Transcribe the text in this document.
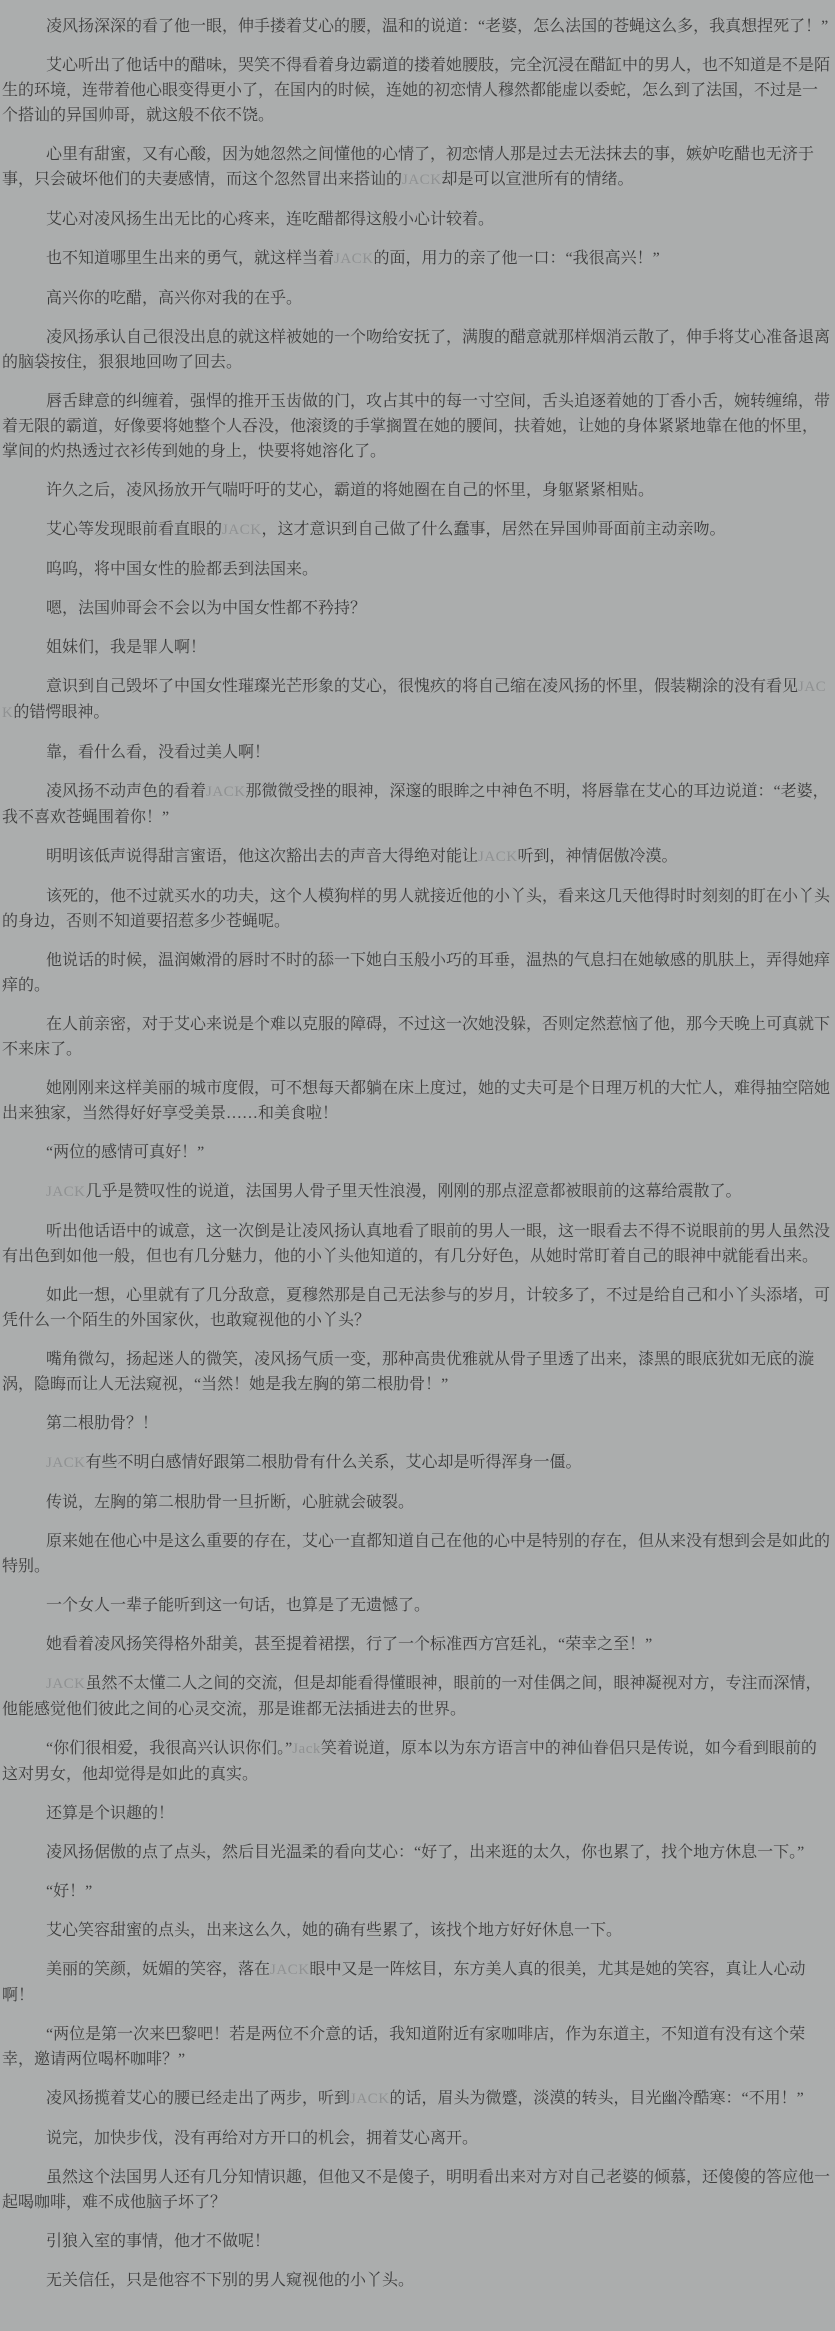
凌风扬深深的看了他一眼，伸手搂着艾心的腰，温和的说道：“老婆，怎么法国的苍蝇这么多，我真想捏死了！”

艾心听出了他话中的醋味，哭笑不得看着身边霸道的搂着她腰肢，完全沉浸在醋缸中的男人，也不知道是不是陌生的环境，连带着他心眼变得更小了，在国内的时候，连她的初恋情人穆然都能虚以委蛇，怎么到了法国，不过是一个搭讪的异国帅哥，就这般不依不饶。

心里有甜蜜，又有心酸，因为她忽然之间懂他的心情了，初恋情人那是过去无法抹去的事，嫉妒吃醋也无济于事，只会破坏他们的夫妻感情，而这个忽然冒出来搭讪的JACK却是可以宣泄所有的情绪。

艾心对凌风扬生出无比的心疼来，连吃醋都得这般小心计较着。

也不知道哪里生出来的勇气，就这样当着JACK的面，用力的亲了他一口：“我很高兴！”

高兴你的吃醋，高兴你对我的在乎。

凌风扬承认自己很没出息的就这样被她的一个吻给安抚了，满腹的醋意就那样烟消云散了，伸手将艾心准备退离的脑袋按住，狠狠地回吻了回去。

唇舌肆意的纠缠着，强悍的推开玉齿做的门，攻占其中的每一寸空间，舌头追逐着她的丁香小舌，婉转缠绵，带着无限的霸道，好像要将她整个人吞没，他滚烫的手掌搁置在她的腰间，扶着她，让她的身体紧紧地靠在他的怀里，掌间的灼热透过衣衫传到她的身上，快要将她溶化了。

许久之后，凌风扬放开气喘吁吁的艾心，霸道的将她圈在自己的怀里，身躯紧紧相贴。

艾心等发现眼前看直眼的JACK，这才意识到自己做了什么蠢事，居然在异国帅哥面前主动亲吻。

呜呜，将中国女性的脸都丢到法国来。

嗯，法国帅哥会不会以为中国女性都不矜持？

姐妹们，我是罪人啊！

意识到自己毁坏了中国女性璀璨光芒形象的艾心，很愧疚的将自己缩在凌风扬的怀里，假装糊涂的没有看见JACK的错愕眼神。

靠，看什么看，没看过美人啊！

凌风扬不动声色的看着JACK那微微受挫的眼神，深邃的眼眸之中神色不明，将唇靠在艾心的耳边说道：“老婆，我不喜欢苍蝇围着你！”

明明该低声说得甜言蜜语，他这次豁出去的声音大得绝对能让JACK听到，神情倨傲冷漠。

该死的，他不过就买水的功夫，这个人模狗样的男人就接近他的小丫头，看来这几天他得时时刻刻的盯在小丫头的身边，否则不知道要招惹多少苍蝇呢。

他说话的时候，温润嫩滑的唇时不时的舔一下她白玉般小巧的耳垂，温热的气息扫在她敏感的肌肤上，弄得她痒痒的。

在人前亲密，对于艾心来说是个难以克服的障碍，不过这一次她没躲，否则定然惹恼了他，那今天晚上可真就下不来床了。

她刚刚来这样美丽的城市度假，可不想每天都躺在床上度过，她的丈夫可是个日理万机的大忙人，难得抽空陪她出来独家，当然得好好享受美景……和美食啦！

“两位的感情可真好！”

JACK几乎是赞叹性的说道，法国男人骨子里天性浪漫，刚刚的那点涩意都被眼前的这幕给震散了。

听出他话语中的诚意，这一次倒是让凌风扬认真地看了眼前的男人一眼，这一眼看去不得不说眼前的男人虽然没有出色到如他一般，但也有几分魅力，他的小丫头他知道的，有几分好色，从她时常盯着自己的眼神中就能看出来。

如此一想，心里就有了几分敌意，夏穆然那是自己无法参与的岁月，计较多了，不过是给自己和小丫头添堵，可凭什么一个陌生的外国家伙，也敢窥视他的小丫头？

嘴角微勾，扬起迷人的微笑，凌风扬气质一变，那种高贵优雅就从骨子里透了出来，漆黑的眼底犹如无底的漩涡，隐晦而让人无法窥视，“当然！她是我左胸的第二根肋骨！”

第二根肋骨？！

JACK有些不明白感情好跟第二根肋骨有什么关系，艾心却是听得浑身一僵。

传说，左胸的第二根肋骨一旦折断，心脏就会破裂。

原来她在他心中是这么重要的存在，艾心一直都知道自己在他的心中是特别的存在，但从来没有想到会是如此的特别。

一个女人一辈子能听到这一句话，也算是了无遗憾了。

她看着凌风扬笑得格外甜美，甚至提着裙摆，行了一个标准西方宫廷礼，“荣幸之至！”

JACK虽然不太懂二人之间的交流，但是却能看得懂眼神，眼前的一对佳偶之间，眼神凝视对方，专注而深情，他能感觉他们彼此之间的心灵交流，那是谁都无法插进去的世界。

“你们很相爱，我很高兴认识你们。”Jack笑着说道，原本以为东方语言中的神仙眷侣只是传说，如今看到眼前的这对男女，他却觉得是如此的真实。

还算是个识趣的！

凌风扬倨傲的点了点头，然后目光温柔的看向艾心：“好了，出来逛的太久，你也累了，找个地方休息一下。”

“好！”

艾心笑容甜蜜的点头，出来这么久，她的确有些累了，该找个地方好好休息一下。

美丽的笑颜，妩媚的笑容，落在JACK眼中又是一阵炫目，东方美人真的很美，尤其是她的笑容，真让人心动啊！

“两位是第一次来巴黎吧！若是两位不介意的话，我知道附近有家咖啡店，作为东道主，不知道有没有这个荣幸，邀请两位喝杯咖啡？”

凌风扬揽着艾心的腰已经走出了两步，听到JACK的话，眉头为微蹙，淡漠的转头，目光幽冷酷寒：“不用！”

说完，加快步伐，没有再给对方开口的机会，拥着艾心离开。

虽然这个法国男人还有几分知情识趣，但他又不是傻子，明明看出来对方对自己老婆的倾慕，还傻傻的答应他一起喝咖啡，难不成他脑子坏了？

引狼入室的事情，他才不做呢！

无关信任，只是他容不下别的男人窥视他的小丫头。
